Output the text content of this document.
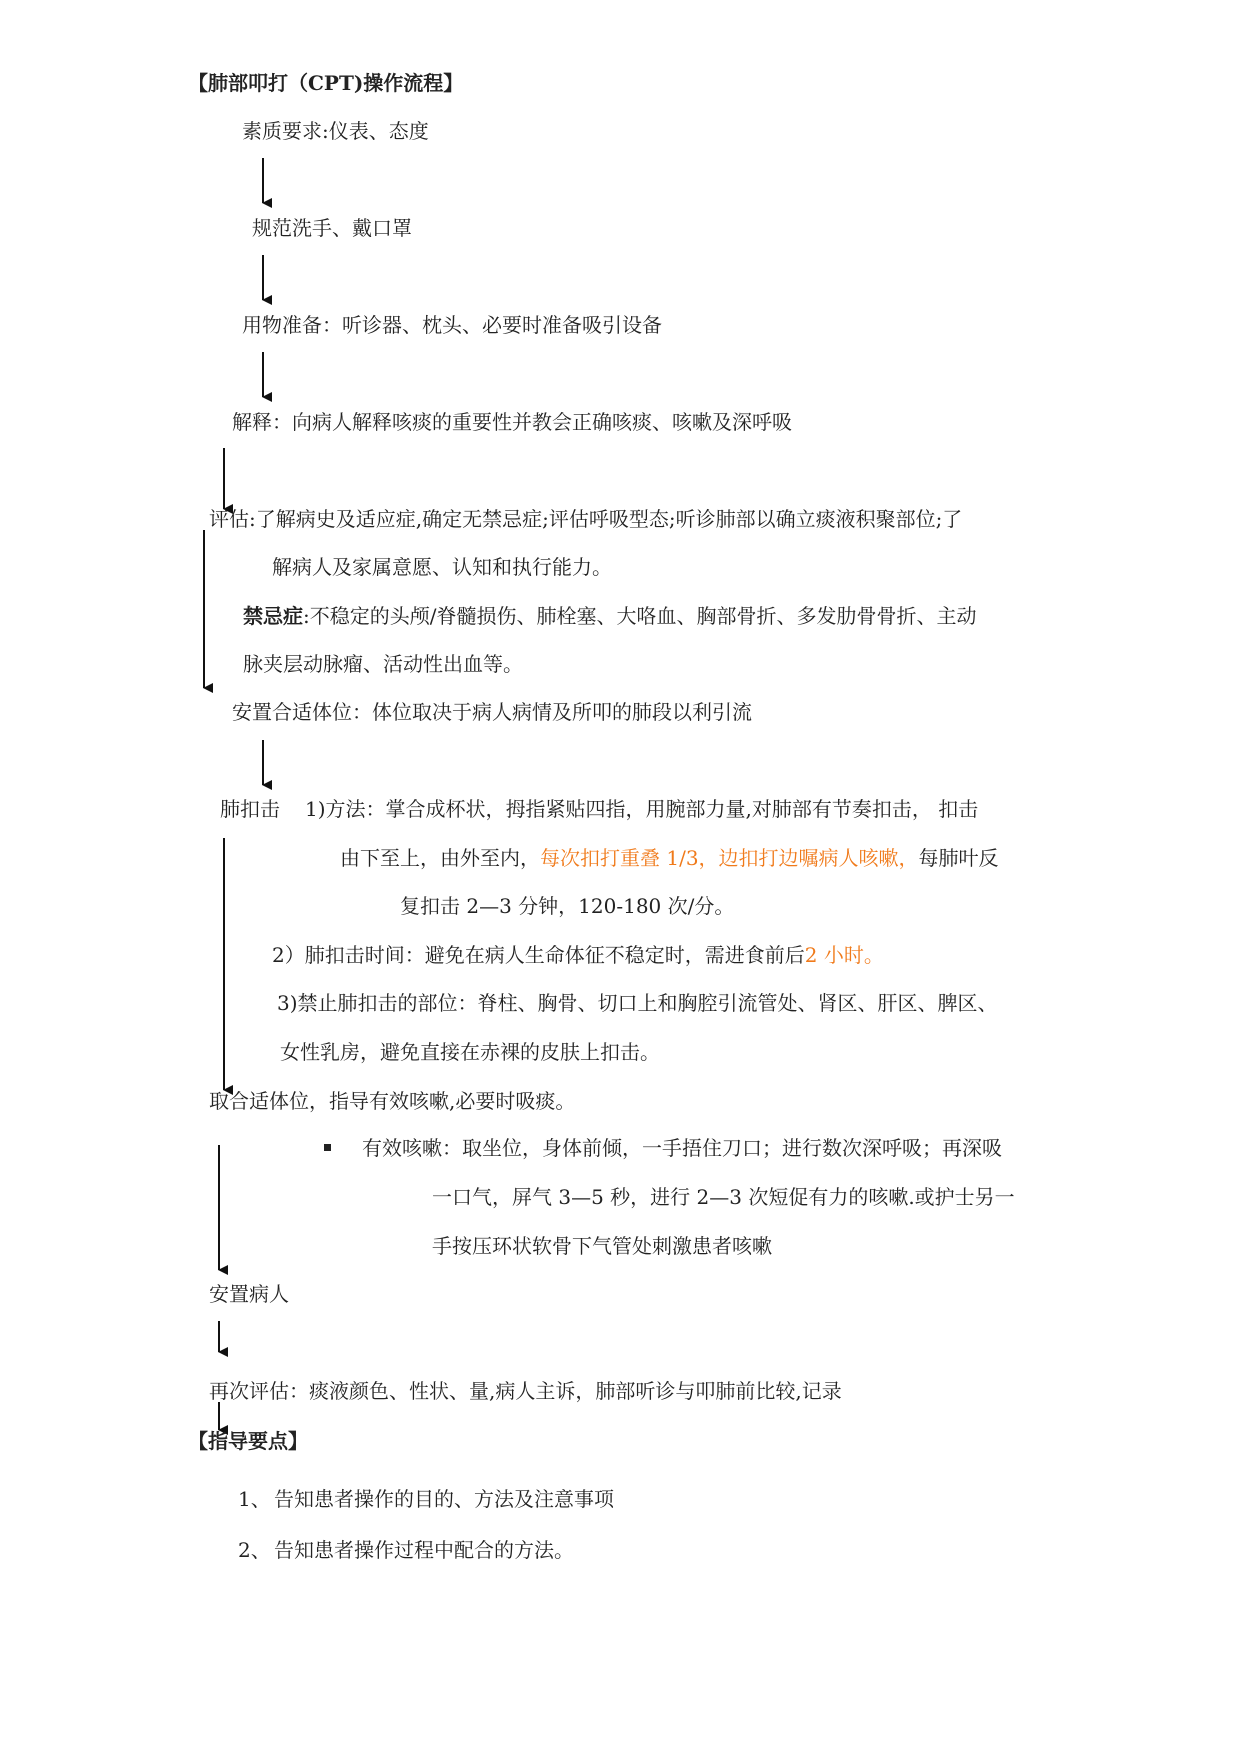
【肺部叩打（CPT)操作流程】
素质要求:仪表、态度
规范洗手、戴口罩
用物准备：听诊器、枕头、必要时准备吸引设备
解释：向病人解释咳痰的重要性并教会正确咳痰、咳嗽及深呼吸
评估:了解病史及适应症,确定无禁忌症;评估呼吸型态;听诊肺部以确立痰液积聚部位;了
解病人及家属意愿、认知和执行能力。
禁忌症:不稳定的头颅/脊髓损伤、肺栓塞、大咯血、胸部骨折、多发肋骨骨折、主动
脉夹层动脉瘤、活动性出血等。
安置合适体位：体位取决于病人病情及所叩的肺段以利引流
肺扣击 1)方法：掌合成杯状，拇指紧贴四指，用腕部力量,对肺部有节奏扣击， 扣击
由下至上，由外至内，每次扣打重叠 1/3，边扣打边嘱病人咳嗽，每肺叶反
复扣击 2—3 分钟，120-180 次/分。
2）肺扣击时间：避免在病人生命体征不稳定时，需进食前后2 小时。
3)禁止肺扣击的部位：脊柱、胸骨、切口上和胸腔引流管处、肾区、肝区、脾区、
女性乳房，避免直接在赤裸的皮肤上扣击。
取合适体位，指导有效咳嗽,必要时吸痰。
有效咳嗽：取坐位，身体前倾，一手捂住刀口；进行数次深呼吸；再深吸
一口气，屏气 3—5 秒，进行 2—3 次短促有力的咳嗽.或护士另一
手按压环状软骨下气管处刺激患者咳嗽
安置病人
再次评估：痰液颜色、性状、量,病人主诉，肺部听诊与叩肺前比较,记录
【指导要点】
1、 告知患者操作的目的、方法及注意事项
2、 告知患者操作过程中配合的方法。
